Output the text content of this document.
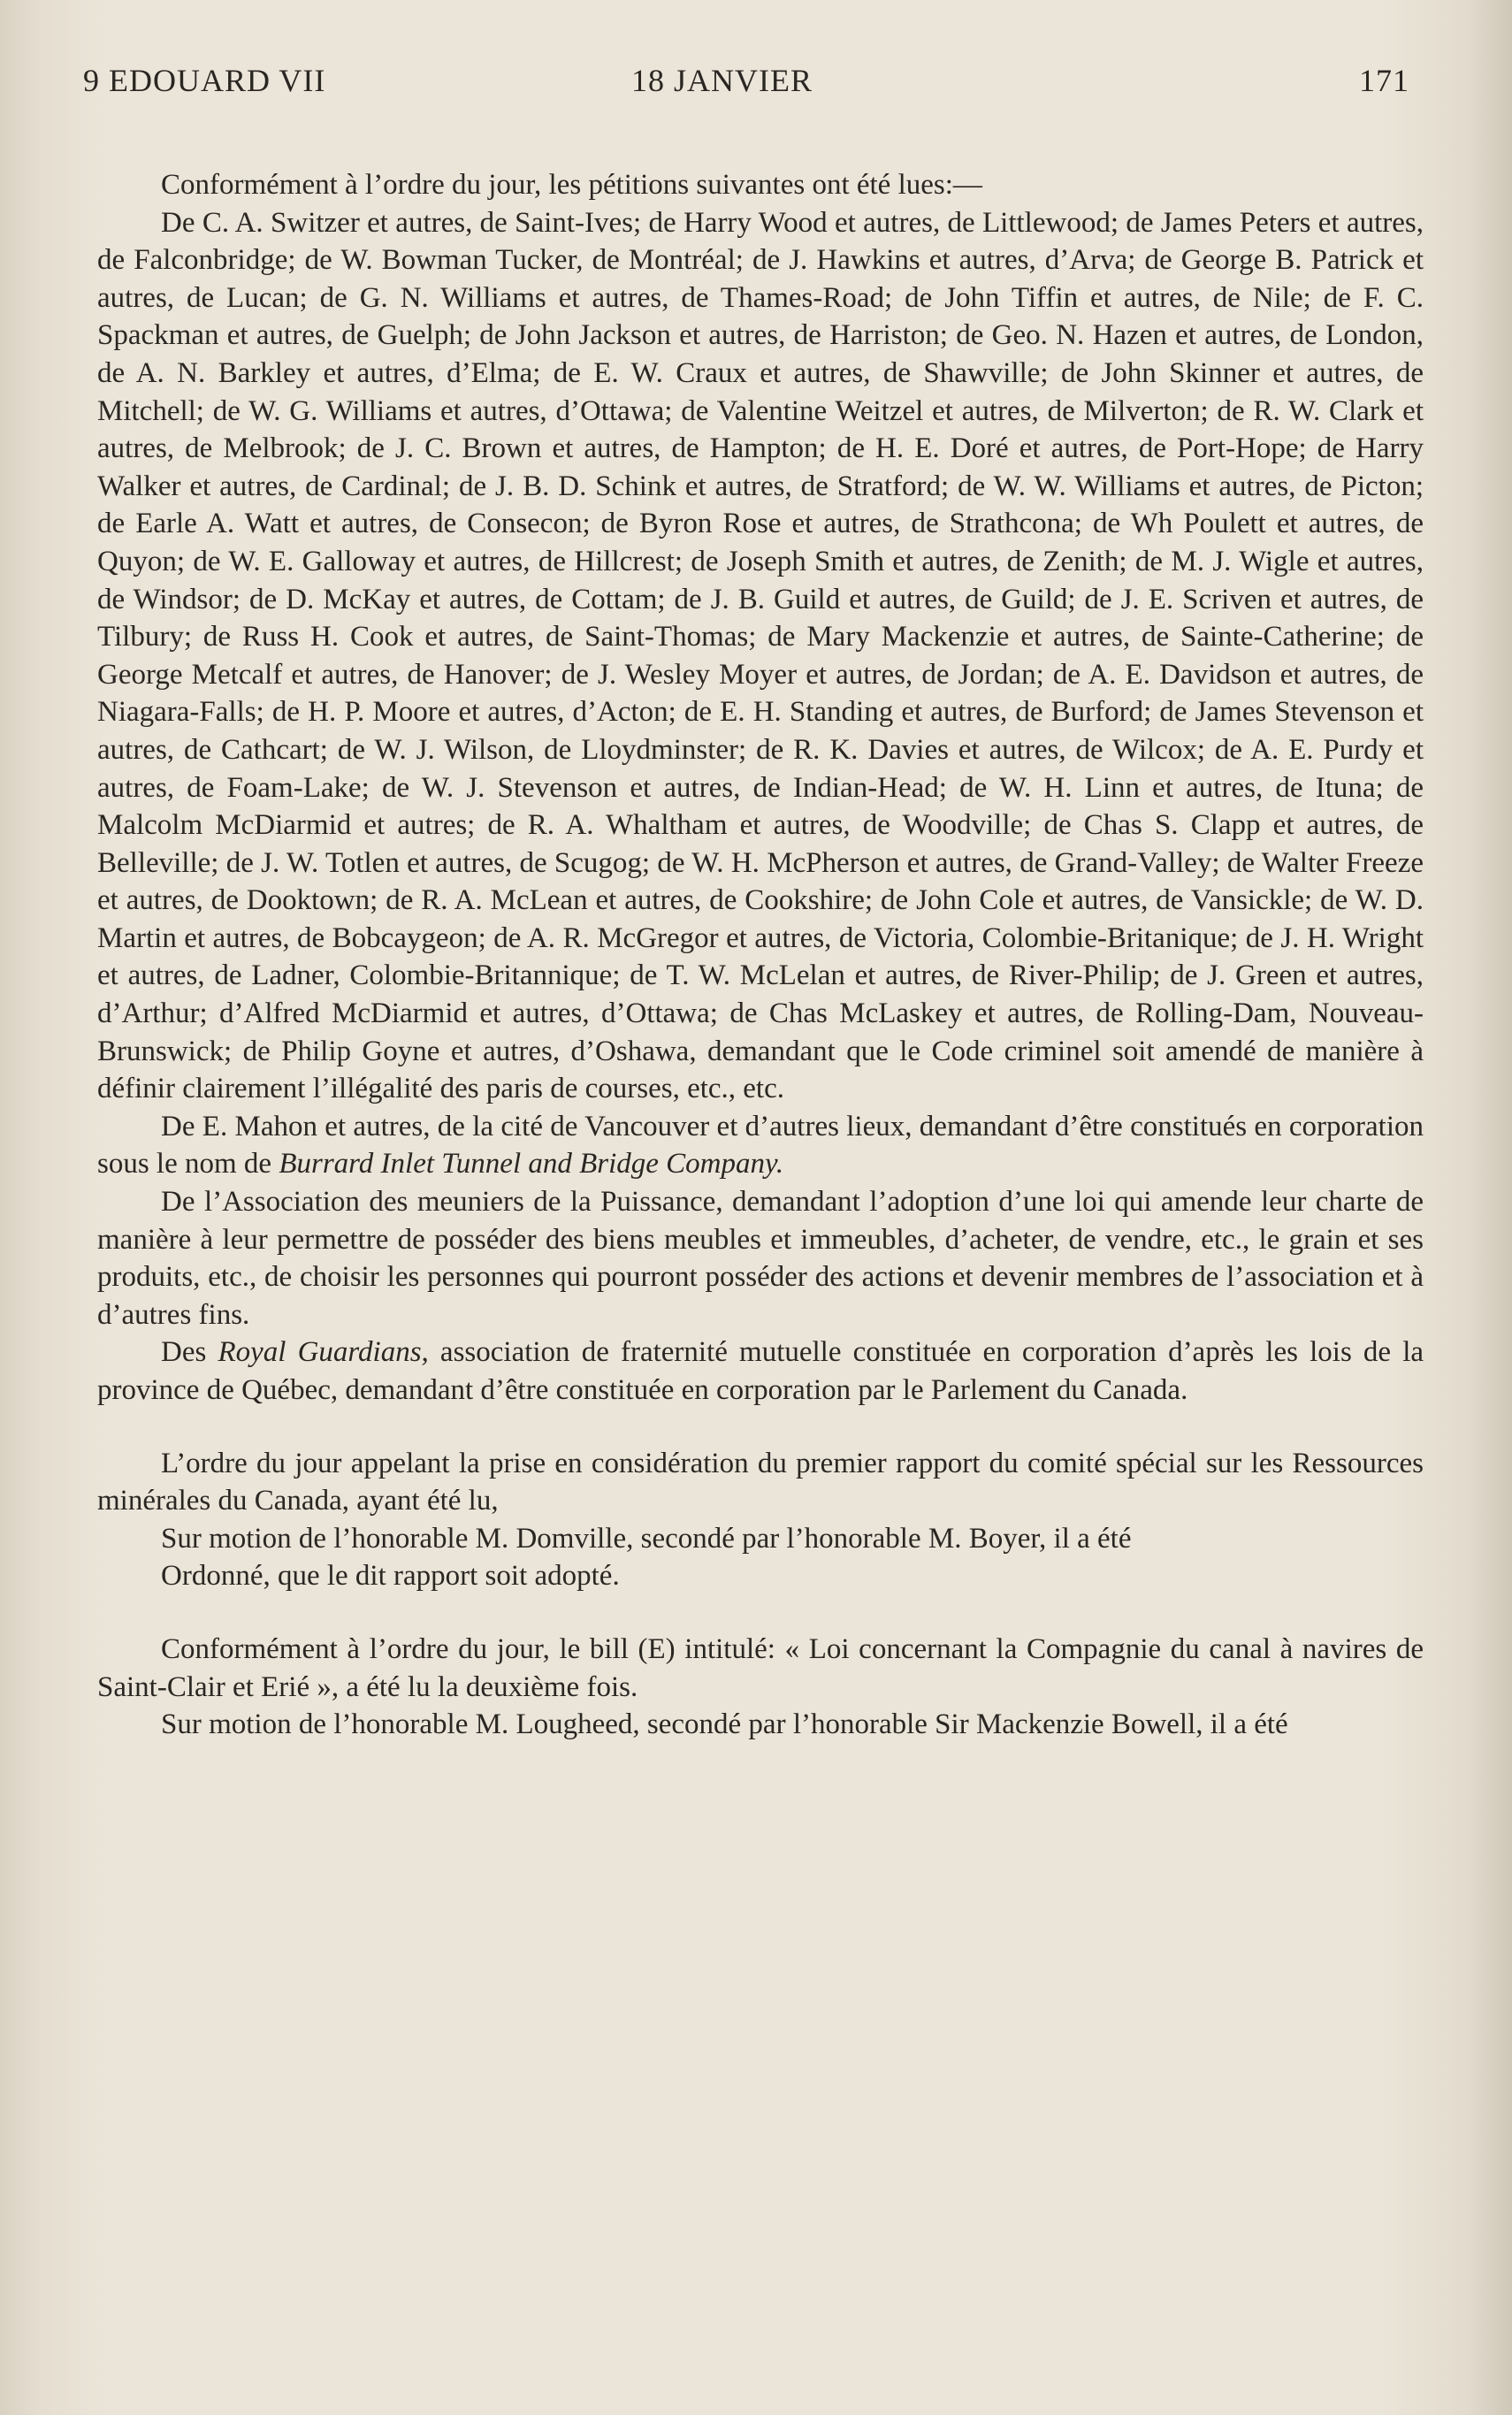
9 EDOUARD VII	18 JANVIER	171

Conformément à l’ordre du jour, les pétitions suivantes ont été lues:—

De C. A. Switzer et autres, de Saint-Ives; de Harry Wood et autres, de Littlewood; de James Peters et autres, de Falconbridge; de W. Bowman Tucker, de Montréal; de J. Hawkins et autres, d’Arva; de George B. Patrick et autres, de Lucan; de G. N. Williams et autres, de Thames-Road; de John Tiffin et autres, de Nile; de F. C. Spackman et autres, de Guelph; de John Jackson et autres, de Harriston; de Geo. N. Hazen et autres, de London, de A. N. Barkley et autres, d’Elma; de E. W. Craux et autres, de Shawville; de John Skinner et autres, de Mitchell; de W. G. Williams et autres, d’Ottawa; de Valentine Weitzel et autres, de Milverton; de R. W. Clark et autres, de Melbrook; de J. C. Brown et autres, de Hampton; de H. E. Doré et autres, de Port-Hope; de Harry Walker et autres, de Cardinal; de J. B. D. Schink et autres, de Stratford; de W. W. Williams et autres, de Picton; de Earle A. Watt et autres, de Consecon; de Byron Rose et autres, de Strathcona; de Wh Poulett et autres, de Quyon; de W. E. Galloway et autres, de Hillcrest; de Joseph Smith et autres, de Zenith; de M. J. Wigle et autres, de Windsor; de D. McKay et autres, de Cottam; de J. B. Guild et autres, de Guild; de J. E. Scriven et autres, de Tilbury; de Russ H. Cook et autres, de Saint-Thomas; de Mary Mackenzie et autres, de Sainte-Catherine; de George Metcalf et autres, de Hanover; de J. Wesley Moyer et autres, de Jordan; de A. E. Davidson et autres, de Niagara-Falls; de H. P. Moore et autres, d’Acton; de E. H. Standing et autres, de Burford; de James Stevenson et autres, de Cathcart; de W. J. Wilson, de Lloydminster; de R. K. Davies et autres, de Wilcox; de A. E. Purdy et autres, de Foam-Lake; de W. J. Stevenson et autres, de Indian-Head; de W. H. Linn et autres, de Ituna; de Malcolm McDiarmid et autres; de R. A. Whaltham et autres, de Woodville; de Chas S. Clapp et autres, de Belleville; de J. W. Totlen et autres, de Scugog; de W. H. McPherson et autres, de Grand-Valley; de Walter Freeze et autres, de Dooktown; de R. A. McLean et autres, de Cookshire; de John Cole et autres, de Vansickle; de W. D. Martin et autres, de Bobcaygeon; de A. R. McGregor et autres, de Victoria, Colombie-Britanique; de J. H. Wright et autres, de Ladner, Colombie-Britannique; de T. W. McLelan et autres, de River-Philip; de J. Green et autres, d’Arthur; d’Alfred McDiarmid et autres, d’Ottawa; de Chas McLaskey et autres, de Rolling-Dam, Nouveau-Brunswick; de Philip Goyne et autres, d’Oshawa, demandant que le Code criminel soit amendé de manière à définir clairement l’illégalité des paris de courses, etc., etc.

De E. Mahon et autres, de la cité de Vancouver et d’autres lieux, demandant d’être constitués en corporation sous le nom de Burrard Inlet Tunnel and Bridge Company.

De l’Association des meuniers de la Puissance, demandant l’adoption d’une loi qui amende leur charte de manière à leur permettre de posséder des biens meubles et immeubles, d’acheter, de vendre, etc., le grain et ses produits, etc., de choisir les personnes qui pourront posséder des actions et devenir membres de l’association et à d’autres fins.

Des Royal Guardians, association de fraternité mutuelle constituée en corporation d’après les lois de la province de Québec, demandant d’être constituée en corporation par le Parlement du Canada.

L’ordre du jour appelant la prise en considération du premier rapport du comité spécial sur les Ressources minérales du Canada, ayant été lu,

Sur motion de l’honorable M. Domville, secondé par l’honorable M. Boyer, il a été

Ordonné, que le dit rapport soit adopté.

Conformément à l’ordre du jour, le bill (E) intitulé: « Loi concernant la Compagnie du canal à navires de Saint-Clair et Erié », a été lu la deuxième fois.

Sur motion de l’honorable M. Lougheed, secondé par l’honorable Sir Mackenzie Bowell, il a été
